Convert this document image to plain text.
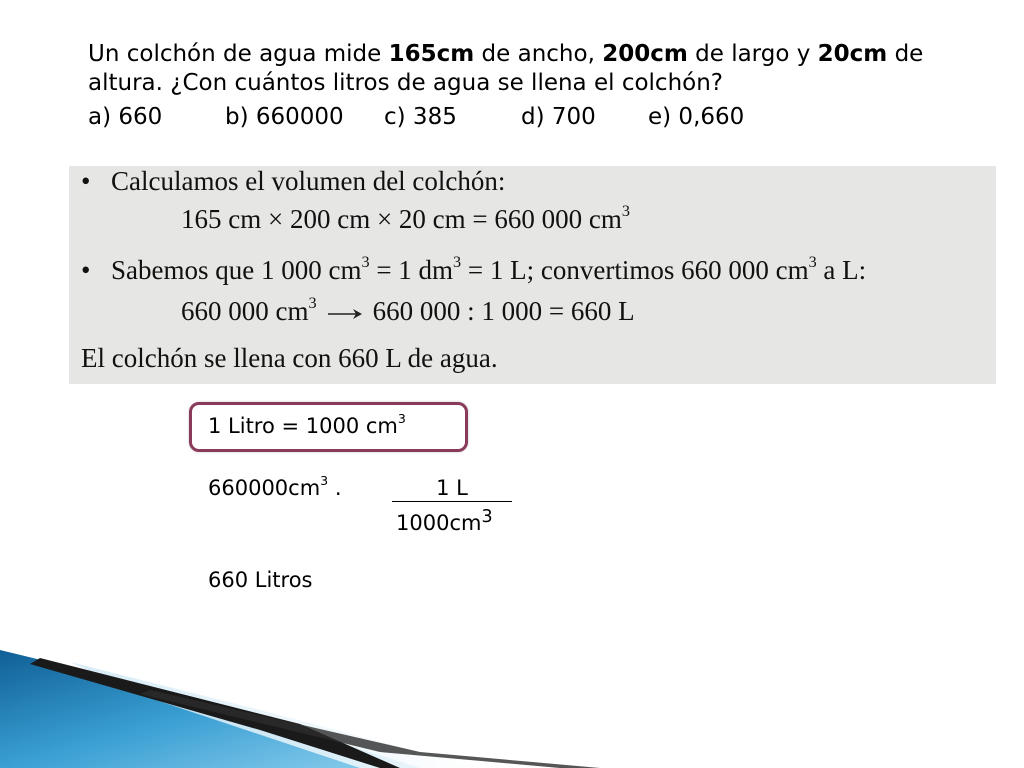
Un colchón de agua mide 165cm de ancho, 200cm de largo y 20cm de altura. ¿Con cuántos litros de agua se llena el colchón?
a) 660	b) 660000 c) 385	d) 700 e) 0,660
• Calculamos el volumen del colchón:
165 cm × 200 cm × 20 cm = 660 000 $cm^3$
• Sabemos que 1 000 $cm^3 = 1$ $dm^3 = 1$ L; convertimos 660 000 $cm^3$ a L:
660 000 $cm^3$ 660 000 : 1 000 = 660 L
El colchón se llena con 660 L de agua.
1 Litro = 1000 $cm^3$
$660000cm^3$ .	1 L
$1000cm^3$
660 Litros
